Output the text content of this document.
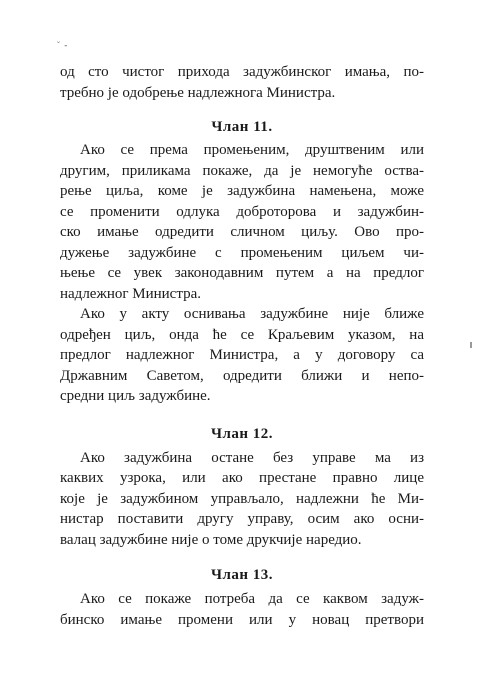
˘ -

од сто чистог прихода задужбинског имања, по-
требно је одобрење надлежнога Министра.

Члан 11.

Ако се према промењеним, друштвеним или
другим, приликама покаже, да је немогуће оства-
рење циља, коме је задужбина намењена, може
се променити одлука доброторова и задужбин-
ско имање одредити сличном циљу. Ово про-
дужење задужбине с промењеним циљем чи-
њење се увек законодавним путем а на предлог
надлежног Министра.

Ако у акту оснивања задужбине није ближе
одређен циљ, онда ће се Краљевим указом, на
предлог надлежног Министра, а у договору са
Државним Саветом, одредити ближи и непо-
средни циљ задужбине.

Члан 12.

Ако задужбина остане без управе ма из
каквих узрока, или ако престане правно лице
које је задужбином управљало, надлежни ће Ми-
нистар поставити другу управу, осим ако осни-
валац задужбине није о томе друкчије наредио.

Члан 13.

Ако се покаже потреба да се каквом задуж-
бинско имање промени или у новац претвори
